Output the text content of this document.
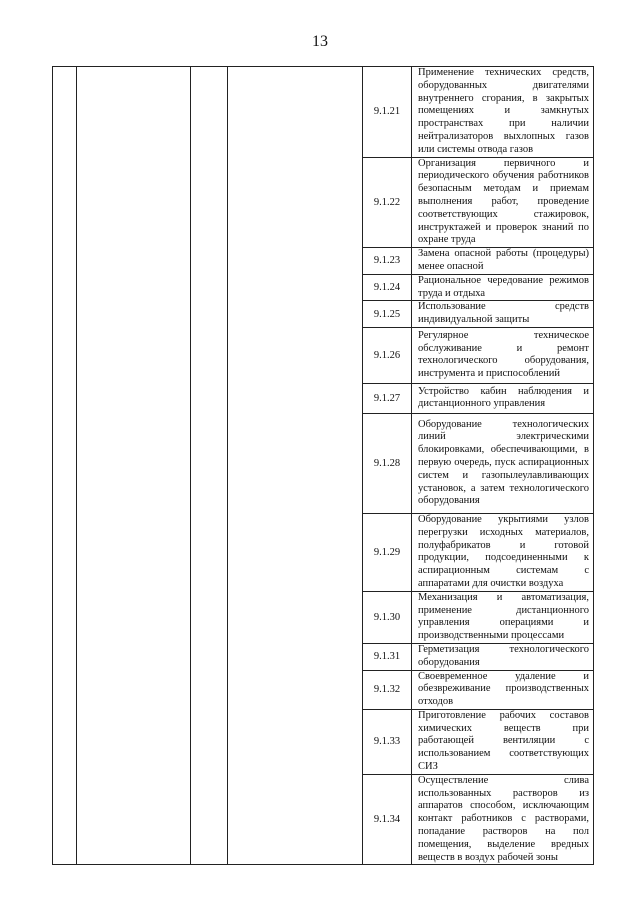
13
				9.1.21	Применение технических средств, оборудованных двигателями внутреннего сгорания, в закрытых помещениях и замкнутых пространствах при наличии нейтрализаторов выхлопных газов или системы отвода газов
				9.1.22	Организация первичного и периодического обучения работников безопасным методам и приемам выполнения работ, проведение соответствующих стажировок, инструктажей и проверок знаний по охране труда
				9.1.23	Замена опасной работы (процедуры) менее опасной
				9.1.24	Рациональное чередование режимов труда и отдыха
				9.1.25	Использование средств индивидуальной защиты
				9.1.26	Регулярное техническое обслуживание и ремонт технологического оборудования, инструмента и приспособлений
				9.1.27	Устройство кабин наблюдения и дистанционного управления
				9.1.28	Оборудование технологических линий электрическими блокировками, обеспечивающими, в первую очередь, пуск аспирационных систем и газопылеулавливающих установок, а затем технологического оборудования
				9.1.29	Оборудование укрытиями узлов перегрузки исходных материалов, полуфабрикатов и готовой продукции, подсоединенными к аспирационным системам с аппаратами для очистки воздуха
				9.1.30	Механизация и автоматизация, применение дистанционного управления операциями и производственными процессами
				9.1.31	Герметизация технологического оборудования
				9.1.32	Своевременное удаление и обезвреживание производственных отходов
				9.1.33	Приготовление рабочих составов химических веществ при работающей вентиляции с использованием соответствующих СИЗ
				9.1.34	Осуществление слива использованных растворов из аппаратов способом, исключающим контакт работников с растворами, попадание растворов на пол помещения, выделение вредных веществ в воздух рабочей зоны
